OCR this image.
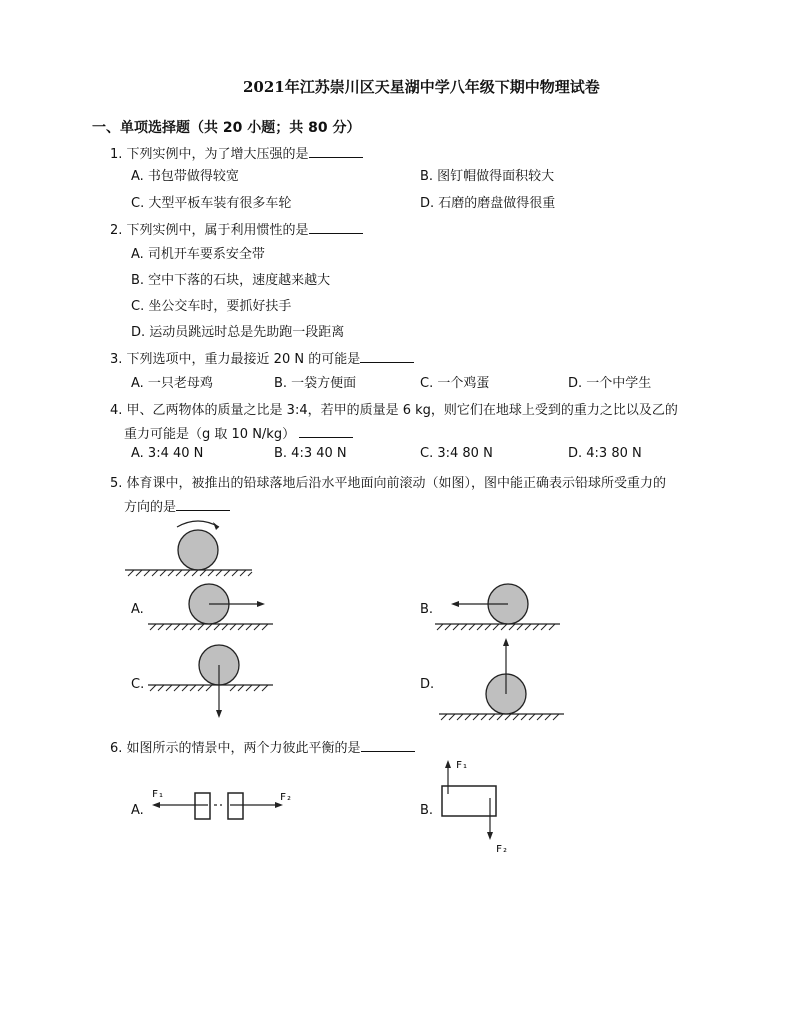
2021年江苏崇川区天星湖中学八年级下期中物理试卷
一、单项选择题（共 20 小题；共 80 分）
1. 下列实例中，为了增大压强的是
A. 书包带做得较宽	B. 图钉帽做得面积较大
C. 大型平板车装有很多车轮	D. 石磨的磨盘做得很重
2. 下列实例中，属于利用惯性的是
A. 司机开车要系安全带
B. 空中下落的石块，速度越来越大
C. 坐公交车时，要抓好扶手
D. 运动员跳远时总是先助跑一段距离
3. 下列选项中，重力最接近 20 N 的可能是
A. 一只老母鸡	B. 一袋方便面	C. 一个鸡蛋	D. 一个中学生
4. 甲、乙两物体的质量之比是 3:4，若甲的质量是 6 kg，则它们在地球上受到的重力之比以及乙的
重力可能是（g 取 10 N/kg）
A. 3:4 40 N	B. 4:3 40 N	C. 3:4 80 N	D. 4:3 80 N
5. 体育课中，被推出的铅球落地后沿水平地面向前滚动（如图），图中能正确表示铅球所受重力的
方向的是
A.	B.
C.	D.
6. 如图所示的情景中，两个力彼此平衡的是
A.
F₁	F₂
B.
F₁
F₂
